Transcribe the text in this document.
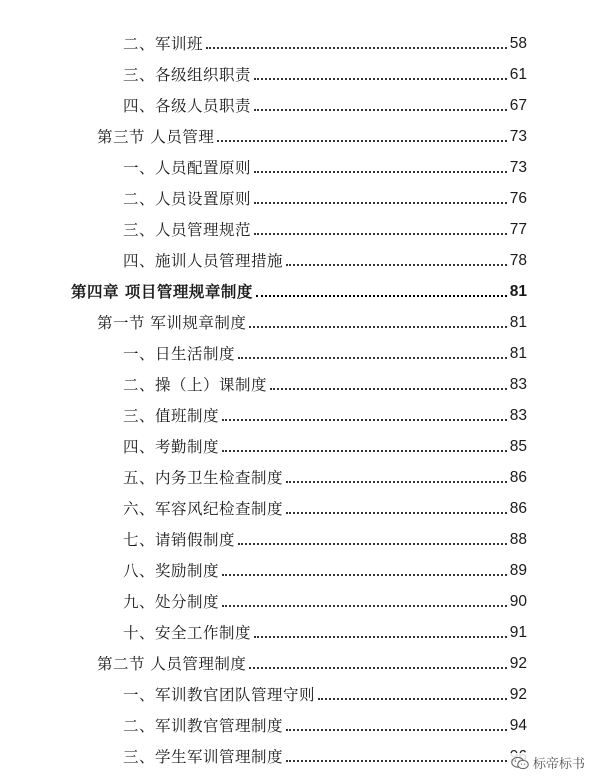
二、军训班	58
三、各级组织职责	61
四、各级人员职责	67
第三节 人员管理	73
一、人员配置原则	73
二、人员设置原则	76
三、人员管理规范	77
四、施训人员管理措施	78
第四章 项目管理规章制度	81
第一节 军训规章制度	81
一、日生活制度	81
二、操（上）课制度	83
三、值班制度	83
四、考勤制度	85
五、内务卫生检查制度	86
六、军容风纪检查制度	86
七、请销假制度	88
八、奖励制度	89
九、处分制度	90
十、安全工作制度	91
第二节 人员管理制度	92
一、军训教官团队管理守则	92
二、军训教官管理制度	94
三、学生军训管理制度	标帝标书
